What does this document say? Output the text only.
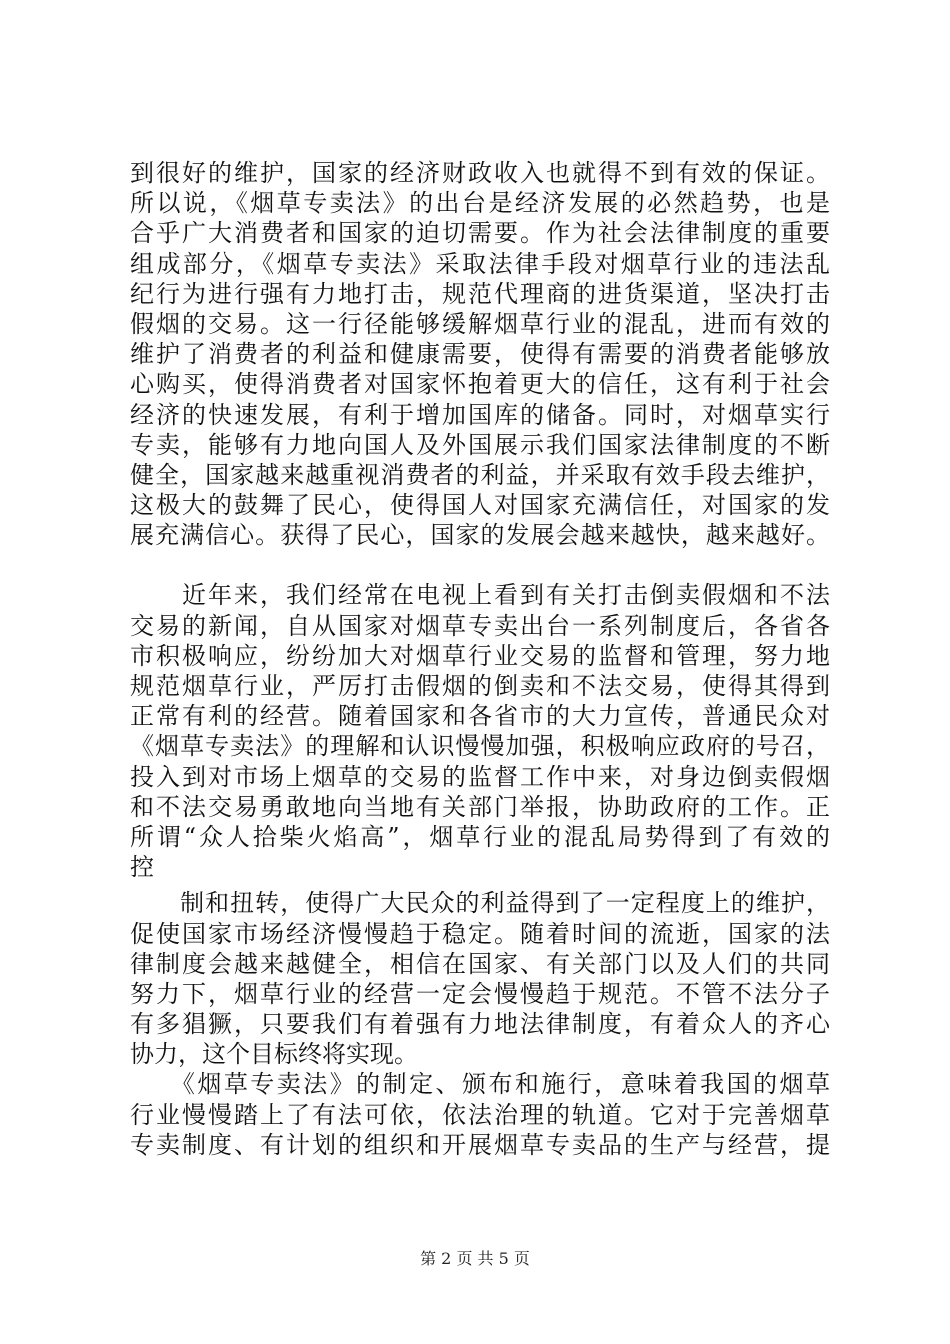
到很好的维护，国家的经济财政收入也就得不到有效的保证。
所以说，《烟草专卖法》的出台是经济发展的必然趋势，也是
合乎广大消费者和国家的迫切需要。作为社会法律制度的重要
组成部分，《烟草专卖法》采取法律手段对烟草行业的违法乱
纪行为进行强有力地打击，规范代理商的进货渠道，坚决打击
假烟的交易。这一行径能够缓解烟草行业的混乱，进而有效的
维护了消费者的利益和健康需要，使得有需要的消费者能够放
心购买，使得消费者对国家怀抱着更大的信任，这有利于社会
经济的快速发展，有利于增加国库的储备。同时，对烟草实行
专卖，能够有力地向国人及外国展示我们国家法律制度的不断
健全，国家越来越重视消费者的利益，并采取有效手段去维护，
这极大的鼓舞了民心，使得国人对国家充满信任，对国家的发
展充满信心。获得了民心，国家的发展会越来越快，越来越好。
　　近年来，我们经常在电视上看到有关打击倒卖假烟和不法
交易的新闻，自从国家对烟草专卖出台一系列制度后，各省各
市积极响应，纷纷加大对烟草行业交易的监督和管理，努力地
规范烟草行业，严厉打击假烟的倒卖和不法交易，使得其得到
正常有利的经营。随着国家和各省市的大力宣传，普通民众对
《烟草专卖法》的理解和认识慢慢加强，积极响应政府的号召，
投入到对市场上烟草的交易的监督工作中来，对身边倒卖假烟
和不法交易勇敢地向当地有关部门举报，协助政府的工作。正
所谓“众人拾柴火焰高”，烟草行业的混乱局势得到了有效的
控
　　制和扭转，使得广大民众的利益得到了一定程度上的维护，
促使国家市场经济慢慢趋于稳定。随着时间的流逝，国家的法
律制度会越来越健全，相信在国家、有关部门以及人们的共同
努力下，烟草行业的经营一定会慢慢趋于规范。不管不法分子
有多猖獗，只要我们有着强有力地法律制度，有着众人的齐心
协力，这个目标终将实现。
　　《烟草专卖法》的制定、颁布和施行，意味着我国的烟草
行业慢慢踏上了有法可依，依法治理的轨道。它对于完善烟草
专卖制度、有计划的组织和开展烟草专卖品的生产与经营，提
第 2 页 共 5 页
